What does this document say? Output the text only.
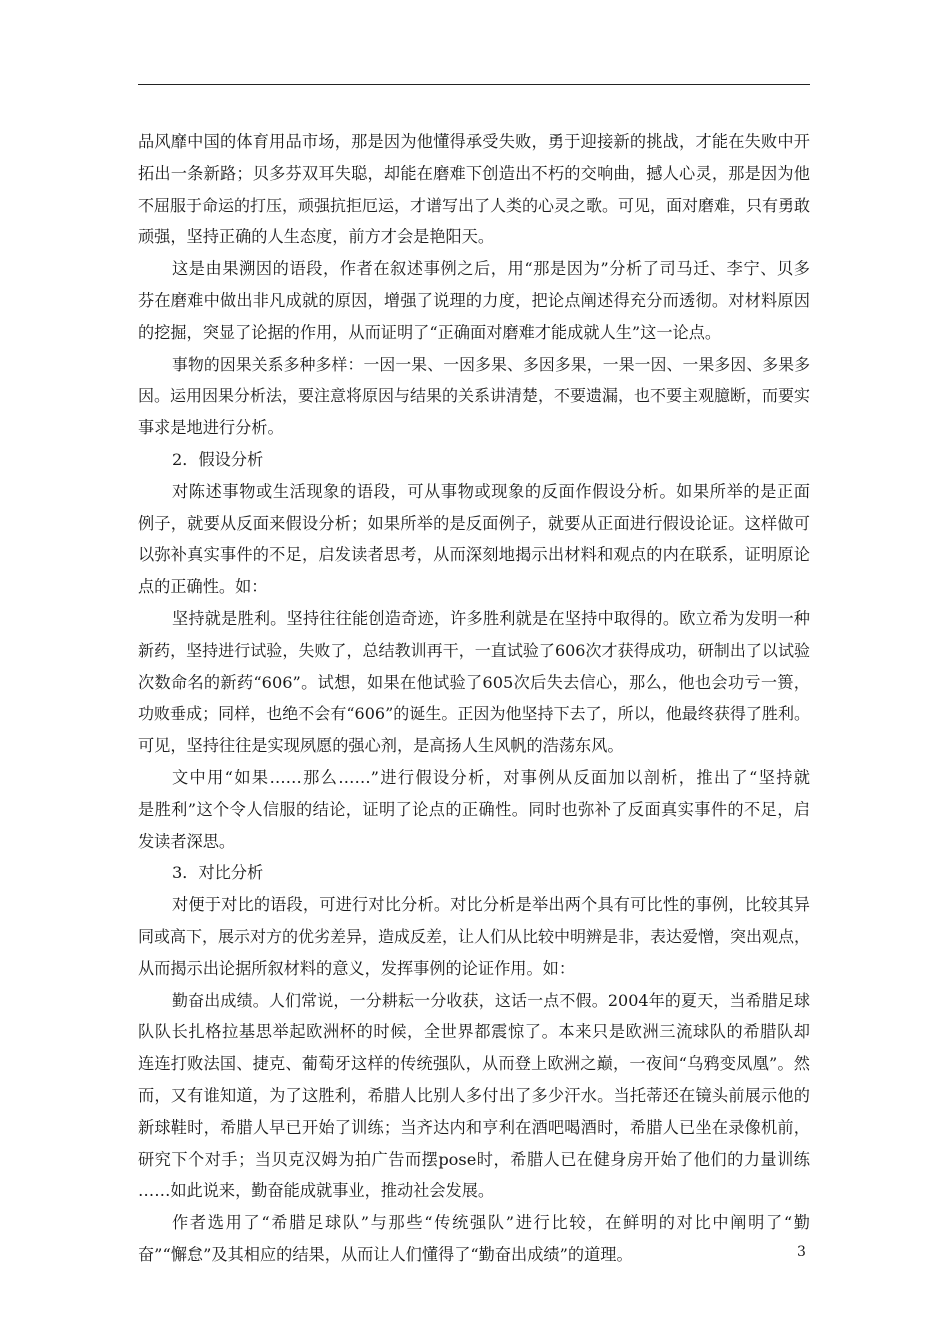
品风靡中国的体育用品市场，那是因为他懂得承受失败，勇于迎接新的挑战，才能在失败中开
拓出一条新路；贝多芬双耳失聪，却能在磨难下创造出不朽的交响曲，撼人心灵，那是因为他
不屈服于命运的打压，顽强抗拒厄运，才谱写出了人类的心灵之歌。可见，面对磨难，只有勇敢
顽强，坚持正确的人生态度，前方才会是艳阳天。
这是由果溯因的语段，作者在叙述事例之后，用“那是因为”分析了司马迁、李宁、贝多
芬在磨难中做出非凡成就的原因，增强了说理的力度，把论点阐述得充分而透彻。对材料原因
的挖掘，突显了论据的作用，从而证明了“正确面对磨难才能成就人生”这一论点。
事物的因果关系多种多样：一因一果、一因多果、多因多果，一果一因、一果多因、多果多
因。运用因果分析法，要注意将原因与结果的关系讲清楚，不要遗漏，也不要主观臆断，而要实
事求是地进行分析。
2．假设分析
对陈述事物或生活现象的语段，可从事物或现象的反面作假设分析。如果所举的是正面
例子，就要从反面来假设分析；如果所举的是反面例子，就要从正面进行假设论证。这样做可
以弥补真实事件的不足，启发读者思考，从而深刻地揭示出材料和观点的内在联系，证明原论
点的正确性。如：
坚持就是胜利。坚持往往能创造奇迹，许多胜利就是在坚持中取得的。欧立希为发明一种
新药，坚持进行试验，失败了，总结教训再干，一直试验了606次才获得成功，研制出了以试验
次数命名的新药“606”。试想，如果在他试验了605次后失去信心，那么，他也会功亏一篑，
功败垂成；同样，也绝不会有“606”的诞生。正因为他坚持下去了，所以，他最终获得了胜利。
可见，坚持往往是实现夙愿的强心剂，是高扬人生风帆的浩荡东风。
文中用“如果……那么……”进行假设分析，对事例从反面加以剖析，推出了“坚持就
是胜利”这个令人信服的结论，证明了论点的正确性。同时也弥补了反面真实事件的不足，启
发读者深思。
3．对比分析
对便于对比的语段，可进行对比分析。对比分析是举出两个具有可比性的事例，比较其异
同或高下，展示对方的优劣差异，造成反差，让人们从比较中明辨是非，表达爱憎，突出观点，
从而揭示出论据所叙材料的意义，发挥事例的论证作用。如：
勤奋出成绩。人们常说，一分耕耘一分收获，这话一点不假。2004年的夏天，当希腊足球
队队长扎格拉基思举起欧洲杯的时候，全世界都震惊了。本来只是欧洲三流球队的希腊队却
连连打败法国、捷克、葡萄牙这样的传统强队，从而登上欧洲之巅，一夜间“乌鸦变凤凰”。然
而，又有谁知道，为了这胜利，希腊人比别人多付出了多少汗水。当托蒂还在镜头前展示他的
新球鞋时，希腊人早已开始了训练；当齐达内和亨利在酒吧喝酒时，希腊人已坐在录像机前，
研究下个对手；当贝克汉姆为拍广告而摆pose时，希腊人已在健身房开始了他们的力量训练
……如此说来，勤奋能成就事业，推动社会发展。
作者选用了“希腊足球队”与那些“传统强队”进行比较，在鲜明的对比中阐明了“勤
奋”“懈怠”及其相应的结果，从而让人们懂得了“勤奋出成绩”的道理。	3
